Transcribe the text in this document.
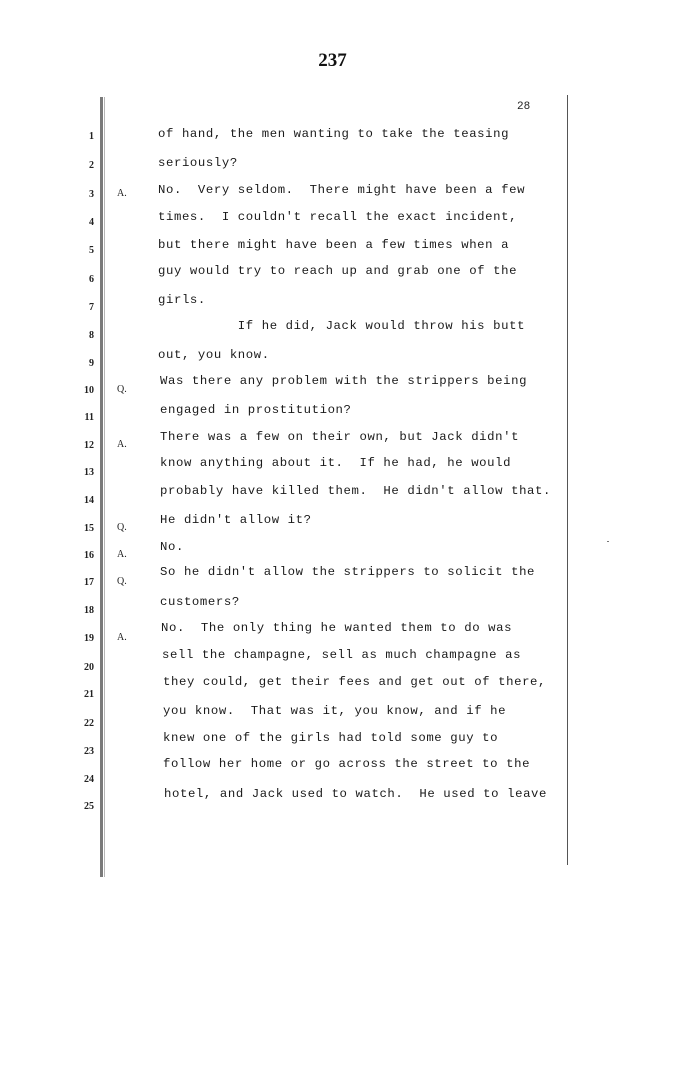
237
28
1	of hand, the men wanting to take the teasing
2	seriously?
3 A.	No.  Very seldom.  There might have been a few
4	times.  I couldn't recall the exact incident,
5	but there might have been a few times when a
6
guy would try to reach up and grab one of the
7
girls.
8
If he did, Jack would throw his butt
9
out, you know.
10 Q.
Was there any problem with the strippers being
11
engaged in prostitution?
12 A.
There was a few on their own, but Jack didn't
13
know anything about it.  If he had, he would
14
probably have killed them.  He didn't allow that.
15 Q.
He didn't allow it?
16 A.
No.
17 Q.
So he didn't allow the strippers to solicit the
18
customers?
19 A.
No.  The only thing he wanted them to do was
20
sell the champagne, sell as much champagne as
21
they could, get their fees and get out of there,
22
you know.  That was it, you know, and if he
23
knew one of the girls had told some guy to
24
follow her home or go across the street to the
25
hotel, and Jack used to watch.  He used to leave
